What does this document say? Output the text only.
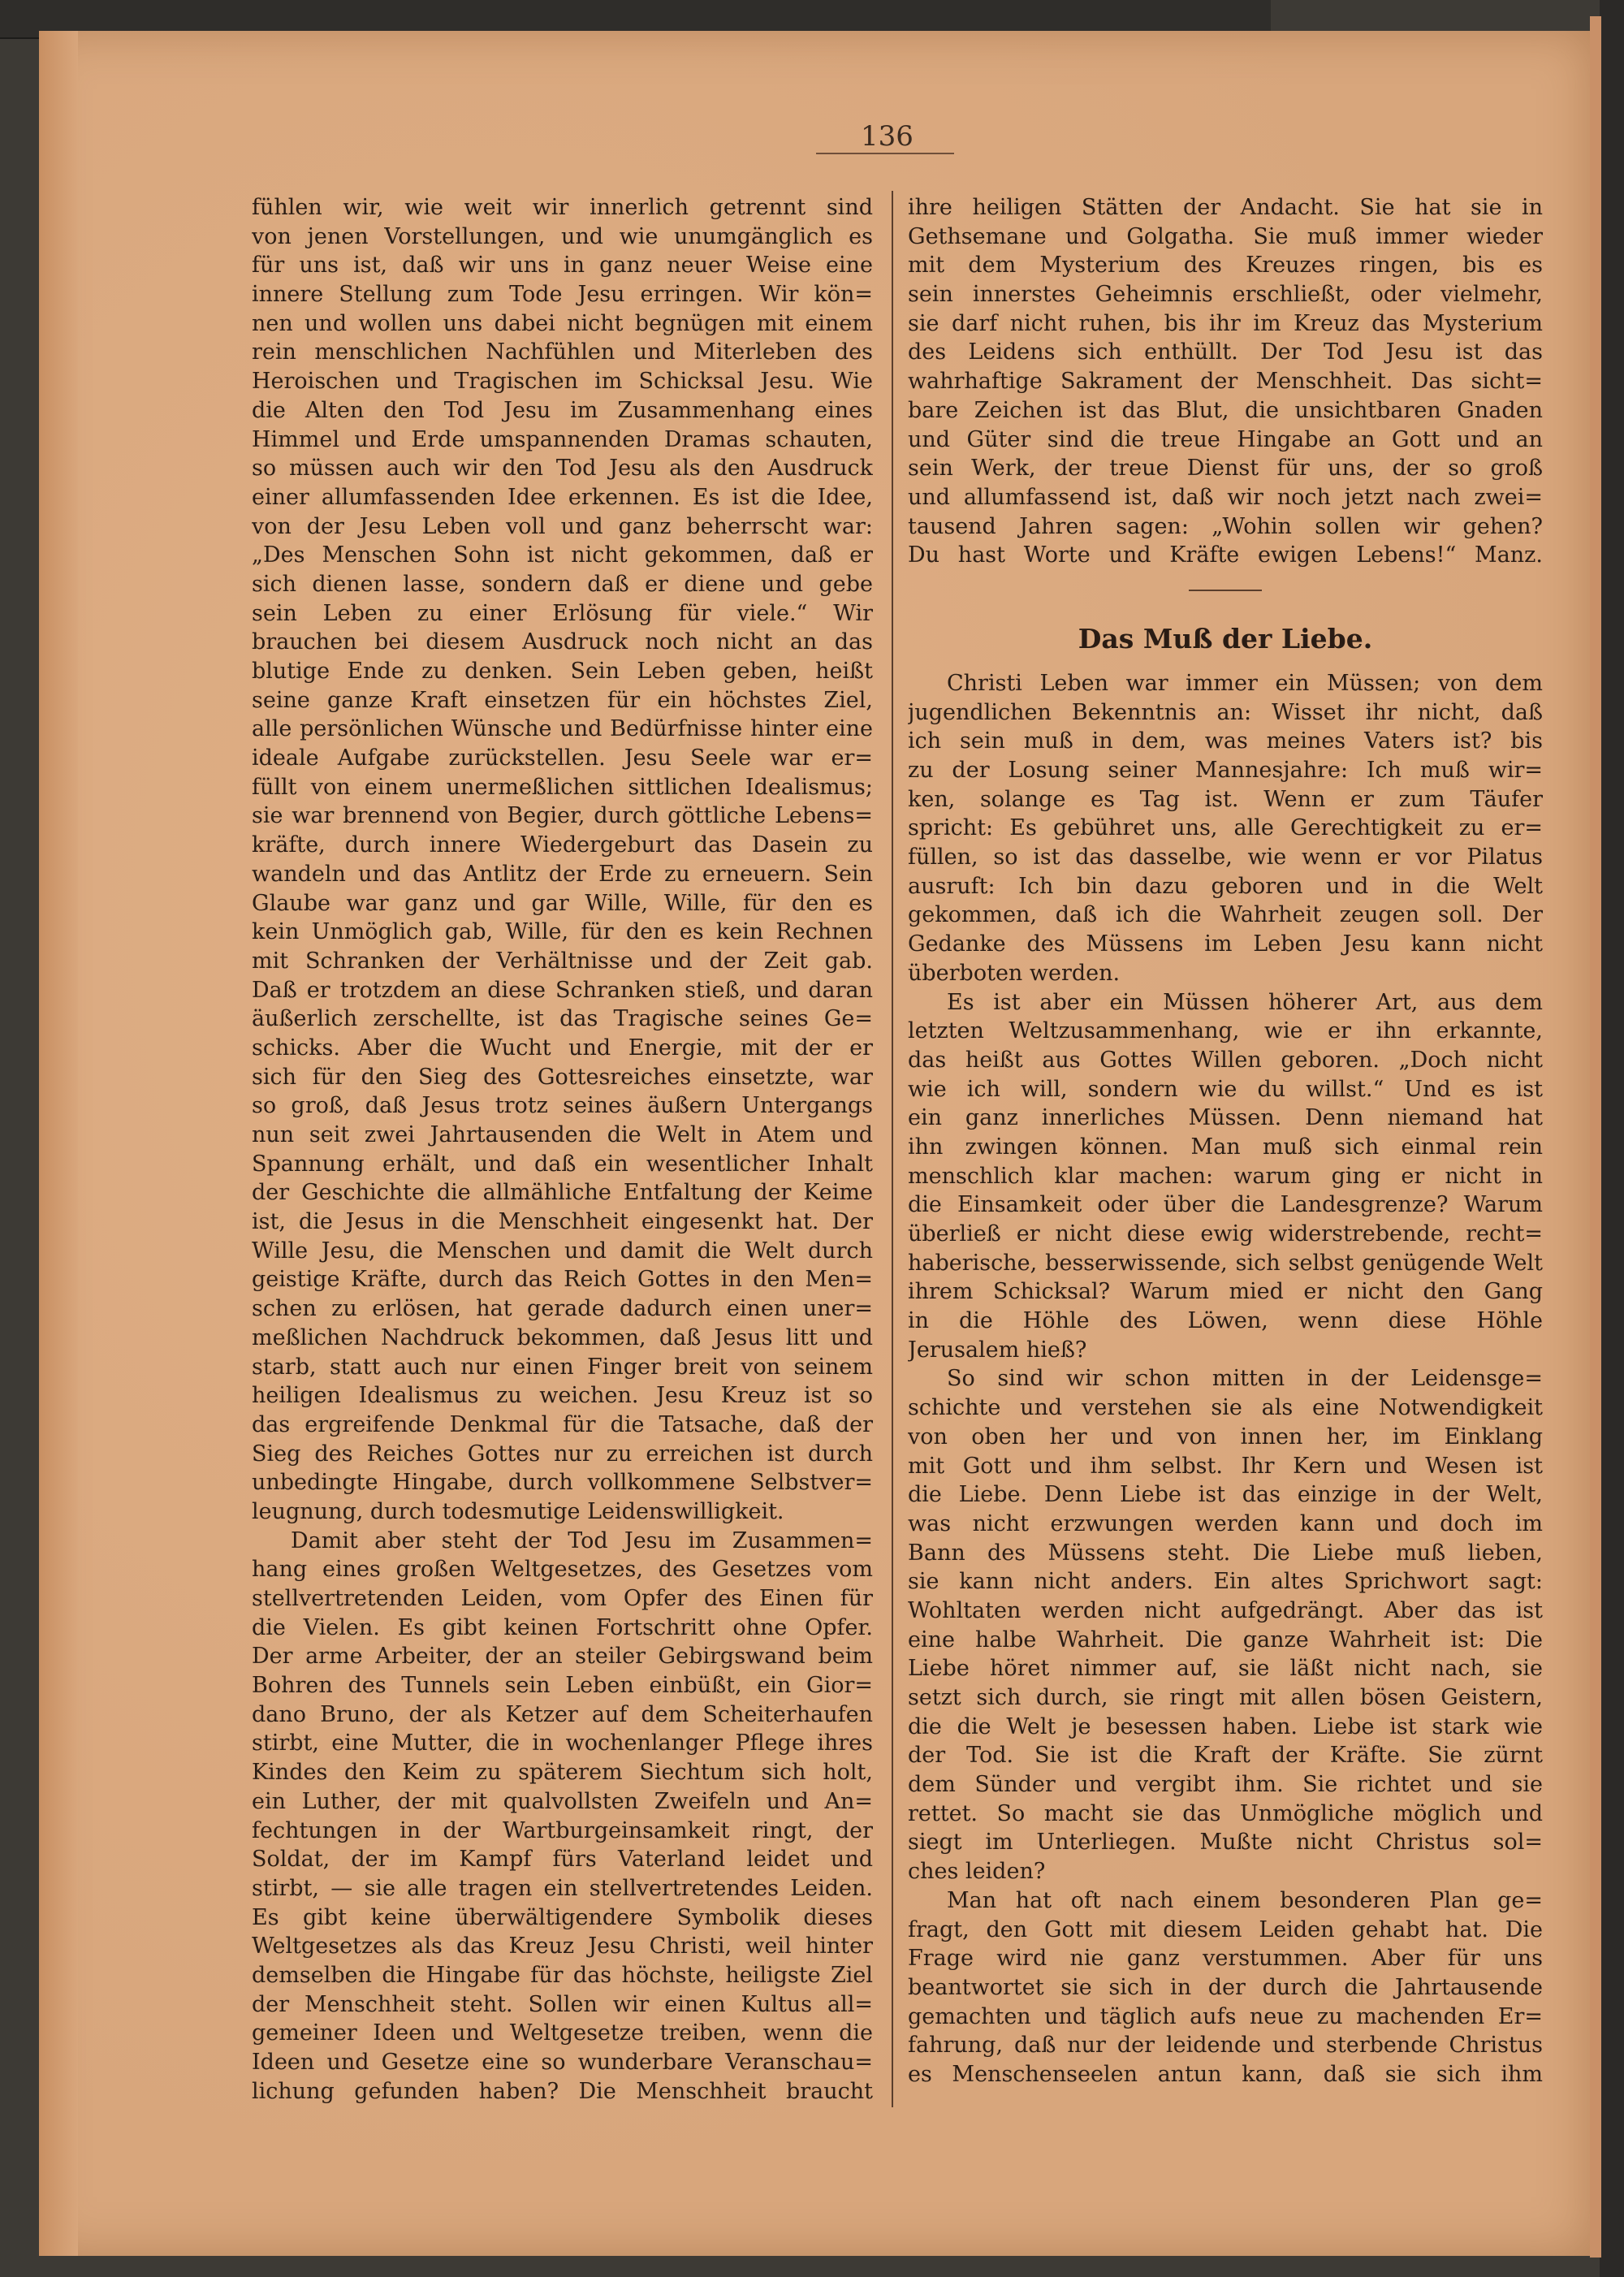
136
fühlen wir, wie weit wir innerlich getrennt sind
von jenen Vorstellungen, und wie unumgänglich es
für uns ist, daß wir uns in ganz neuer Weise eine
innere Stellung zum Tode Jesu erringen. Wir kön=
nen und wollen uns dabei nicht begnügen mit einem
rein menschlichen Nachfühlen und Miterleben des
Heroischen und Tragischen im Schicksal Jesu. Wie
die Alten den Tod Jesu im Zusammenhang eines
Himmel und Erde umspannenden Dramas schauten,
so müssen auch wir den Tod Jesu als den Ausdruck
einer allumfassenden Idee erkennen. Es ist die Idee,
von der Jesu Leben voll und ganz beherrscht war:
„Des Menschen Sohn ist nicht gekommen, daß er
sich dienen lasse, sondern daß er diene und gebe
sein Leben zu einer Erlösung für viele.“ Wir
brauchen bei diesem Ausdruck noch nicht an das
blutige Ende zu denken. Sein Leben geben, heißt
seine ganze Kraft einsetzen für ein höchstes Ziel,
alle persönlichen Wünsche und Bedürfnisse hinter eine
ideale Aufgabe zurückstellen. Jesu Seele war er=
füllt von einem unermeßlichen sittlichen Idealismus;
sie war brennend von Begier, durch göttliche Lebens=
kräfte, durch innere Wiedergeburt das Dasein zu
wandeln und das Antlitz der Erde zu erneuern. Sein
Glaube war ganz und gar Wille, Wille, für den es
kein Unmöglich gab, Wille, für den es kein Rechnen
mit Schranken der Verhältnisse und der Zeit gab.
Daß er trotzdem an diese Schranken stieß, und daran
äußerlich zerschellte, ist das Tragische seines Ge=
schicks. Aber die Wucht und Energie, mit der er
sich für den Sieg des Gottesreiches einsetzte, war
so groß, daß Jesus trotz seines äußern Untergangs
nun seit zwei Jahrtausenden die Welt in Atem und
Spannung erhält, und daß ein wesentlicher Inhalt
der Geschichte die allmähliche Entfaltung der Keime
ist, die Jesus in die Menschheit eingesenkt hat. Der
Wille Jesu, die Menschen und damit die Welt durch
geistige Kräfte, durch das Reich Gottes in den Men=
schen zu erlösen, hat gerade dadurch einen uner=
meßlichen Nachdruck bekommen, daß Jesus litt und
starb, statt auch nur einen Finger breit von seinem
heiligen Idealismus zu weichen. Jesu Kreuz ist so
das ergreifende Denkmal für die Tatsache, daß der
Sieg des Reiches Gottes nur zu erreichen ist durch
unbedingte Hingabe, durch vollkommene Selbstver=
leugnung, durch todesmutige Leidenswilligkeit.
Damit aber steht der Tod Jesu im Zusammen=
hang eines großen Weltgesetzes, des Gesetzes vom
stellvertretenden Leiden, vom Opfer des Einen für
die Vielen. Es gibt keinen Fortschritt ohne Opfer.
Der arme Arbeiter, der an steiler Gebirgswand beim
Bohren des Tunnels sein Leben einbüßt, ein Gior=
dano Bruno, der als Ketzer auf dem Scheiterhaufen
stirbt, eine Mutter, die in wochenlanger Pflege ihres
Kindes den Keim zu späterem Siechtum sich holt,
ein Luther, der mit qualvollsten Zweifeln und An=
fechtungen in der Wartburgeinsamkeit ringt, der
Soldat, der im Kampf fürs Vaterland leidet und
stirbt, — sie alle tragen ein stellvertretendes Leiden.
Es gibt keine überwältigendere Symbolik dieses
Weltgesetzes als das Kreuz Jesu Christi, weil hinter
demselben die Hingabe für das höchste, heiligste Ziel
der Menschheit steht. Sollen wir einen Kultus all=
gemeiner Ideen und Weltgesetze treiben, wenn die
Ideen und Gesetze eine so wunderbare Veranschau=
lichung gefunden haben? Die Menschheit braucht
ihre heiligen Stätten der Andacht. Sie hat sie in
Gethsemane und Golgatha. Sie muß immer wieder
mit dem Mysterium des Kreuzes ringen, bis es
sein innerstes Geheimnis erschließt, oder vielmehr,
sie darf nicht ruhen, bis ihr im Kreuz das Mysterium
des Leidens sich enthüllt. Der Tod Jesu ist das
wahrhaftige Sakrament der Menschheit. Das sicht=
bare Zeichen ist das Blut, die unsichtbaren Gnaden
und Güter sind die treue Hingabe an Gott und an
sein Werk, der treue Dienst für uns, der so groß
und allumfassend ist, daß wir noch jetzt nach zwei=
tausend Jahren sagen: „Wohin sollen wir gehen?
Du hast Worte und Kräfte ewigen Lebens!“ Manz.
Das Muß der Liebe.
Christi Leben war immer ein Müssen; von dem
jugendlichen Bekenntnis an: Wisset ihr nicht, daß
ich sein muß in dem, was meines Vaters ist? bis
zu der Losung seiner Mannesjahre: Ich muß wir=
ken, solange es Tag ist. Wenn er zum Täufer
spricht: Es gebühret uns, alle Gerechtigkeit zu er=
füllen, so ist das dasselbe, wie wenn er vor Pilatus
ausruft: Ich bin dazu geboren und in die Welt
gekommen, daß ich die Wahrheit zeugen soll. Der
Gedanke des Müssens im Leben Jesu kann nicht
überboten werden.
Es ist aber ein Müssen höherer Art, aus dem
letzten Weltzusammenhang, wie er ihn erkannte,
das heißt aus Gottes Willen geboren. „Doch nicht
wie ich will, sondern wie du willst.“ Und es ist
ein ganz innerliches Müssen. Denn niemand hat
ihn zwingen können. Man muß sich einmal rein
menschlich klar machen: warum ging er nicht in
die Einsamkeit oder über die Landesgrenze? Warum
überließ er nicht diese ewig widerstrebende, recht=
haberische, besserwissende, sich selbst genügende Welt
ihrem Schicksal? Warum mied er nicht den Gang
in die Höhle des Löwen, wenn diese Höhle
Jerusalem hieß?
So sind wir schon mitten in der Leidensge=
schichte und verstehen sie als eine Notwendigkeit
von oben her und von innen her, im Einklang
mit Gott und ihm selbst. Ihr Kern und Wesen ist
die Liebe. Denn Liebe ist das einzige in der Welt,
was nicht erzwungen werden kann und doch im
Bann des Müssens steht. Die Liebe muß lieben,
sie kann nicht anders. Ein altes Sprichwort sagt:
Wohltaten werden nicht aufgedrängt. Aber das ist
eine halbe Wahrheit. Die ganze Wahrheit ist: Die
Liebe höret nimmer auf, sie läßt nicht nach, sie
setzt sich durch, sie ringt mit allen bösen Geistern,
die die Welt je besessen haben. Liebe ist stark wie
der Tod. Sie ist die Kraft der Kräfte. Sie zürnt
dem Sünder und vergibt ihm. Sie richtet und sie
rettet. So macht sie das Unmögliche möglich und
siegt im Unterliegen. Mußte nicht Christus sol=
ches leiden?
Man hat oft nach einem besonderen Plan ge=
fragt, den Gott mit diesem Leiden gehabt hat. Die
Frage wird nie ganz verstummen. Aber für uns
beantwortet sie sich in der durch die Jahrtausende
gemachten und täglich aufs neue zu machenden Er=
fahrung, daß nur der leidende und sterbende Christus
es Menschenseelen antun kann, daß sie sich ihm
